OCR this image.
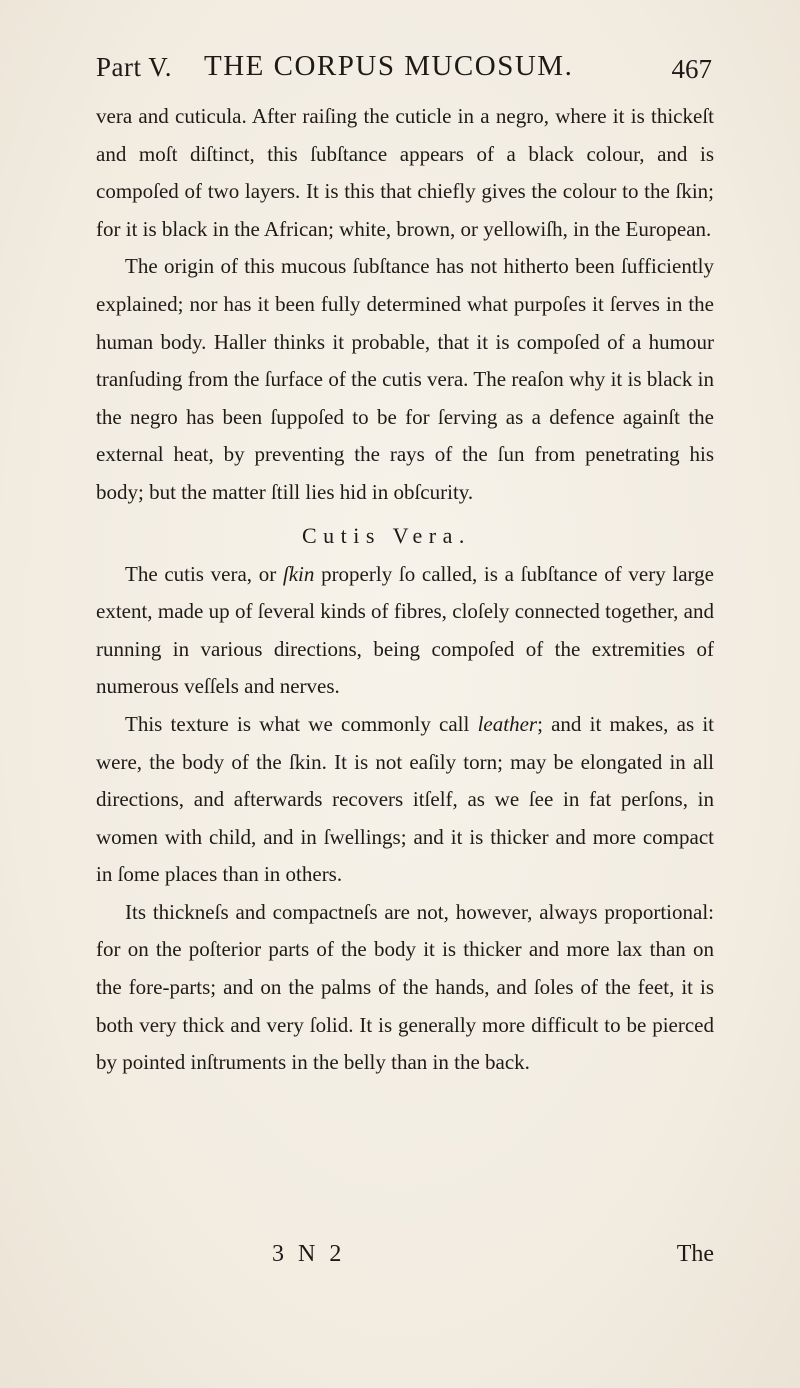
Part V. THE CORPUS MUCOSUM.	467

vera and cuticula. After raiſing the cuticle in a negro, where it is thickeſt and moſt diſtinct, this ſubſtance appears of a black colour, and is compoſed of two layers. It is this that chiefly gives the colour to the ſkin; for it is black in the African; white, brown, or yellowiſh, in the European.

The origin of this mucous ſubſtance has not hitherto been ſufficiently explained; nor has it been fully determined what purpoſes it ſerves in the human body. Haller thinks it probable, that it is compoſed of a humour tranſuding from the ſurface of the cutis vera. The reaſon why it is black in the negro has been ſuppoſed to be for ſerving as a defence againſt the external heat, by preventing the rays of the ſun from penetrating his body; but the matter ſtill lies hid in obſcurity.

Cutis Vera.

The cutis vera, or ſkin properly ſo called, is a ſubſtance of very large extent, made up of ſeveral kinds of fibres, cloſely connected together, and running in various directions, being compoſed of the extremities of numerous veſſels and nerves.

This texture is what we commonly call leather; and it makes, as it were, the body of the ſkin. It is not eaſily torn; may be elongated in all directions, and afterwards recovers itſelf, as we ſee in fat perſons, in women with child, and in ſwellings; and it is thicker and more compact in ſome places than in others.

Its thickneſs and compactneſs are not, however, always proportional: for on the poſterior parts of the body it is thicker and more lax than on the fore-parts; and on the palms of the hands, and ſoles of the feet, it is both very thick and very ſolid. It is generally more difficult to be pierced by pointed inſtruments in the belly than in the back.

3 N 2	The
